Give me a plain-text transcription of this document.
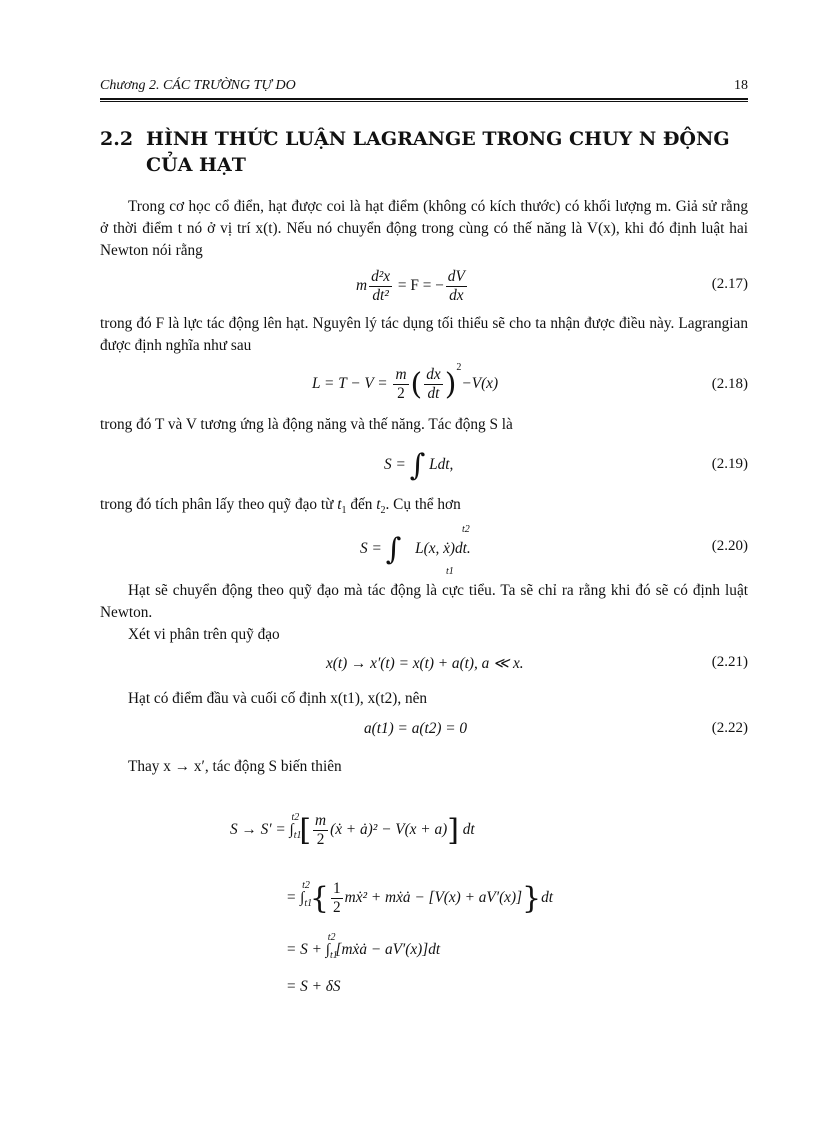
Chương 2. CÁC TRƯỜNG TỰ DO	18
2.2 HÌNH THỨC LUẬN LAGRANGE TRONG CHUY N ĐỘNG CỦA HẠT
Trong cơ học cổ điển, hạt được coi là hạt điểm (không có kích thước) có khối lượng m. Giả sử rằng ở thời điểm t nó ở vị trí x(t). Nếu nó chuyển động trong cùng có thế năng là V(x), khi đó định luật hai Newton nói rằng
m $\frac{\text{d²x}}{\text{dt²}} = F$ = − $\frac{dV}{dx}$	(2.17)
trong đó F là lực tác động lên hạt. Nguyên lý tác dụng tối thiểu sẽ cho ta nhận được điều này. Lagrangian được định nghĩa như sau
$L = T - V = \frac{m}{2}$ ( $\frac{dx}{dt} )^2-V(x)$	(2.18)
trong đó T và V tương ứng là động năng và thế năng. Tác động S là
S = ∫ Ldt,	(2.19)
trong đó tích phân lấy theo quỹ đạo từ $t_1$ đến $t_2$. Cụ thể hơn
S = ∫
t2
t1
L(x, ẋ)dt.	(2.20)
Hạt sẽ chuyển động theo quỹ đạo mà tác động là cực tiểu. Ta sẽ chỉ ra rằng khi đó sẽ có định luật Newton.
Xét vi phân trên quỹ đạo
x(t) → x′(t) = x(t) + a(t), a ≪ x.	(2.21)
Hạt có điểm đầu và cuối cố định x(t1), x(t2), nên
a(t1) = a(t2) = 0	(2.22)
Thay x → x′, tác động S biến thiên
$S \to S' = \int_{t1}^{t2}[ \frac{m}{2}$ (ẋ + ȧ)² − V(x + a)] dt
= $\int_{t1}^{t2}\{ \frac{1}{2}$ mẋ² + mẋȧ − [V(x) + aV′(x)]}dt
= $S + \int_{t1}^{t2}[mẋȧ - aV'(x)]dt$
= S + δS
